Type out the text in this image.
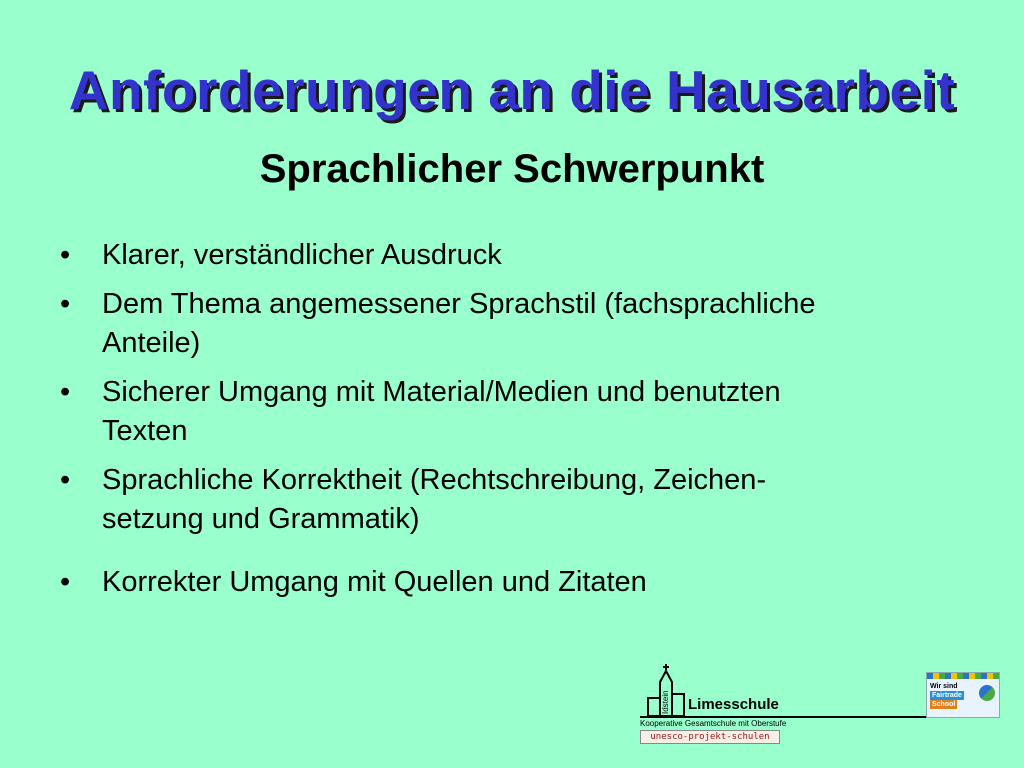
Anforderungen an die Hausarbeit
Sprachlicher Schwerpunkt
•	Klarer, verständlicher Ausdruck
•	Dem Thema angemessener Sprachstil (fachsprachliche
Anteile)
•	Sicherer Umgang mit Material/Medien und benutzten
Texten
•	Sprachliche Korrektheit (Rechtschreibung, Zeichen-
setzung und Grammatik)
•	Korrekter Umgang mit Quellen und Zitaten
Idstein Limesschule
Kooperative Gesamtschule mit Oberstufe
unesco-projekt-schulen
Wir sind
Fairtrade
School
